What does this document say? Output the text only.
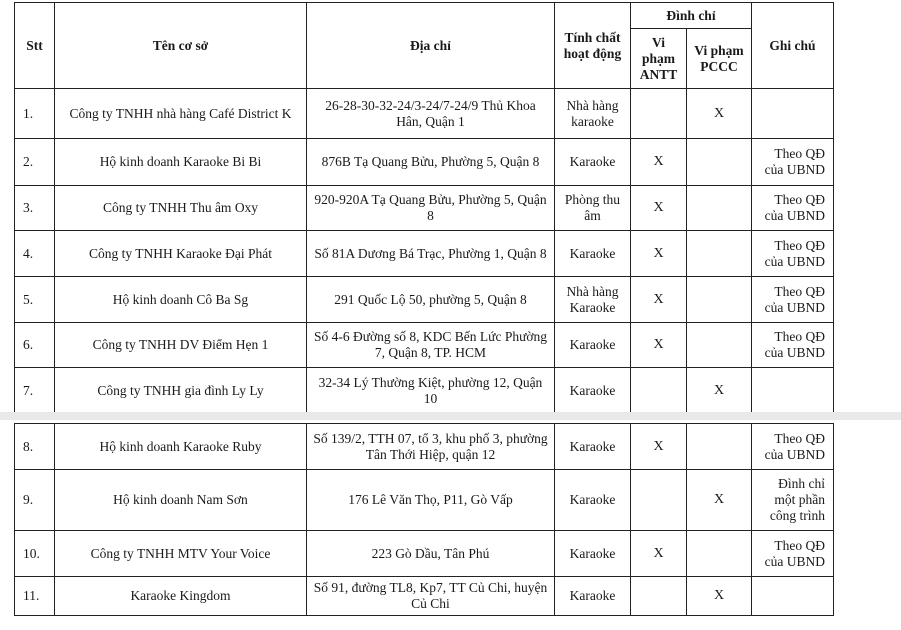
Stt	Tên cơ sở	Địa chỉ	Tính chất hoạt động	Đình chỉ		Ghi chú
				Vi phạm ANTT	Vi phạm PCCC	
1.	Công ty TNHH nhà hàng Café District K	26-28-30-32-24/3-24/7-24/9 Thủ Khoa Hân, Quận 1	Nhà hàng karaoke		X	
2.	Hộ kinh doanh Karaoke Bi Bi	876B Tạ Quang Bửu, Phường 5, Quận 8	Karaoke	X		Theo QĐ của UBND
3.	Công ty TNHH Thu âm Oxy	920-920A Tạ Quang Bửu, Phường 5, Quận 8	Phòng thu âm	X		Theo QĐ của UBND
4.	Công ty TNHH Karaoke Đại Phát	Số 81A Dương Bá Trạc, Phường 1, Quận 8	Karaoke	X		Theo QĐ của UBND
5.	Hộ kinh doanh Cô Ba Sg	291 Quốc Lộ 50, phường 5, Quận 8	Nhà hàng Karaoke	X		Theo QĐ của UBND
6.	Công ty TNHH DV Điểm Hẹn 1	Số 4-6 Đường số 8, KDC Bến Lức Phường 7, Quận 8, TP. HCM	Karaoke	X		Theo QĐ của UBND
7.	Công ty TNHH gia đình Ly Ly	32-34 Lý Thường Kiệt, phường 12, Quận 10	Karaoke		X	
8.	Hộ kinh doanh Karaoke Ruby	Số 139/2, TTH 07, tổ 3, khu phố 3, phường Tân Thới Hiệp, quận 12	Karaoke	X		Theo QĐ của UBND
9.	Hộ kinh doanh Nam Sơn	176 Lê Văn Thọ, P11, Gò Vấp	Karaoke		X	Đình chỉ một phần công trình
10.	Công ty TNHH MTV Your Voice	223 Gò Dầu, Tân Phú	Karaoke	X		Theo QĐ của UBND
11.	Karaoke Kingdom	Số 91, đường TL8, Kp7, TT Củ Chi, huyện Củ Chi	Karaoke		X	
